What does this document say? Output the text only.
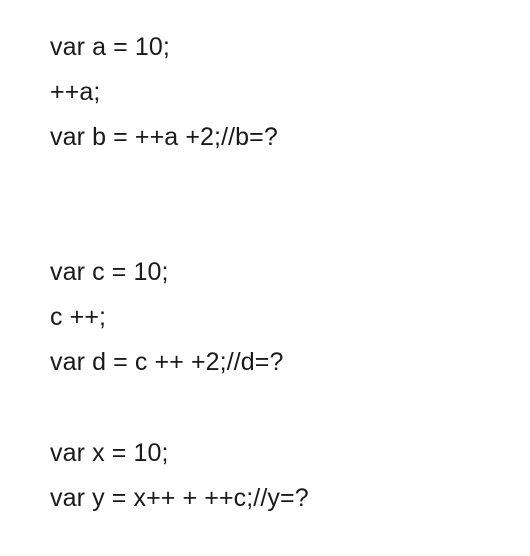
var a = 10;
++a;
var b = ++a +2;//b=?
var c = 10;
c ++;
var d = c ++ +2;//d=?
var x = 10;
var y = x++ + ++c;//y=?
